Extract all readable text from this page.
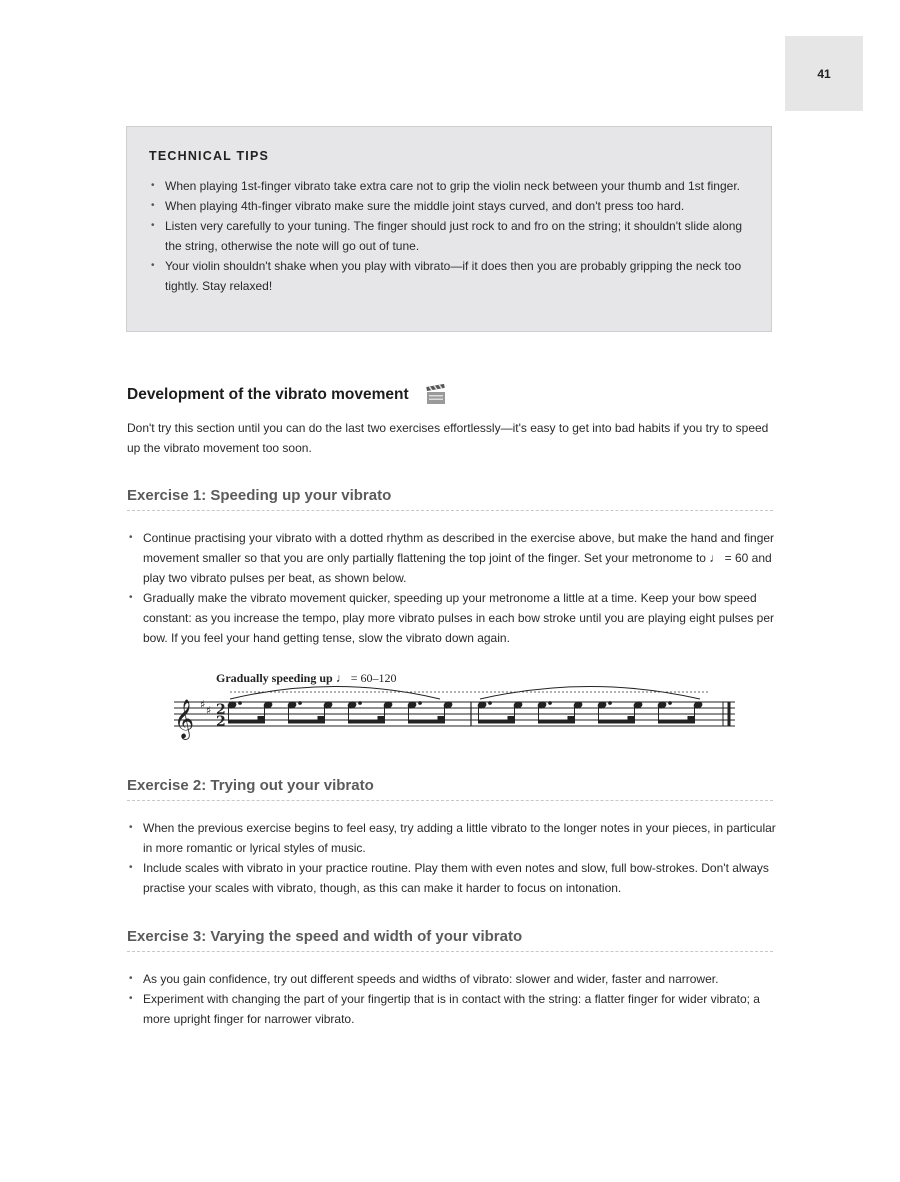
41
TECHNICAL TIPS
• When playing 1st-finger vibrato take extra care not to grip the violin neck between your thumb and 1st finger.
• When playing 4th-finger vibrato make sure the middle joint stays curved, and don't press too hard.
• Listen very carefully to your tuning. The finger should just rock to and fro on the string; it shouldn't slide along the string, otherwise the note will go out of tune.
• Your violin shouldn't shake when you play with vibrato—if it does then you are probably gripping the neck too tightly. Stay relaxed!
Development of the vibrato movement

Don't try this section until you can do the last two exercises effortlessly—it's easy to get into bad habits if you try to speed up the vibrato movement too soon.

Exercise 1: Speeding up your vibrato
• Continue practising your vibrato with a dotted rhythm as described in the exercise above, but make the hand and finger movement smaller so that you are only partially flattening the top joint of the finger. Set your metronome to ♩ = 60 and play two vibrato pulses per beat, as shown below.
• Gradually make the vibrato movement quicker, speeding up your metronome a little at a time. Keep your bow speed constant: as you increase the tempo, play more vibrato pulses in each bow stroke until you are playing eight pulses per bow. If you feel your hand getting tense, slow the vibrato down again.
Gradually speeding up ♩ = 60–120
𝄞 ♯ ♯ 2
2
Exercise 2: Trying out your vibrato
• When the previous exercise begins to feel easy, try adding a little vibrato to the longer notes in your pieces, in particular in more romantic or lyrical styles of music.
• Include scales with vibrato in your practice routine. Play them with even notes and slow, full bow-strokes. Don't always practise your scales with vibrato, though, as this can make it harder to focus on intonation.
Exercise 3: Varying the speed and width of your vibrato
• As you gain confidence, try out different speeds and widths of vibrato: slower and wider, faster and narrower.
• Experiment with changing the part of your fingertip that is in contact with the string: a flatter finger for wider vibrato; a more upright finger for narrower vibrato.
